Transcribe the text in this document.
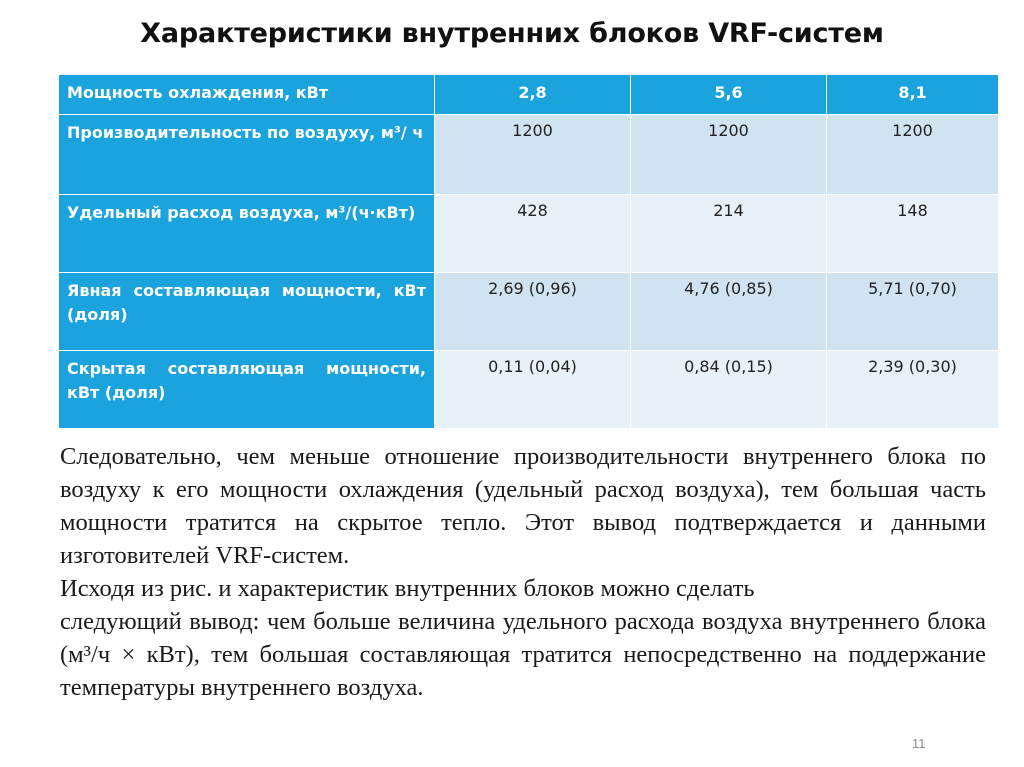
Характеристики внутренних блоков VRF-систем
Мощность охлаждения, кВт	2,8	5,6	8,1
Производительность по воздуху, м³/ ч	1200	1200	1200
Удельный расход воздуха, м³/(ч·кВт)	428	214	148
Явная составляющая мощности, кВт (доля)	2,69 (0,96)	4,76 (0,85)	5,71 (0,70)
Скрытая составляющая мощности, кВт (доля)	0,11 (0,04)	0,84 (0,15)	2,39 (0,30)

Следовательно, чем меньше отношение производительности внутреннего блока по воздуху к его мощности охлаждения (удельный расход воздуха), тем большая часть мощности тратится на скрытое тепло. Этот вывод подтверждается и данными изготовителей VRF-систем.

Исходя из рис. и характеристик внутренних блоков можно сделать
следующий вывод: чем больше величина удельного расхода воздуха внутреннего блока (м³/ч × кВт), тем большая составляющая тратится непосредственно на поддержание температуры внутреннего воздуха.

11
